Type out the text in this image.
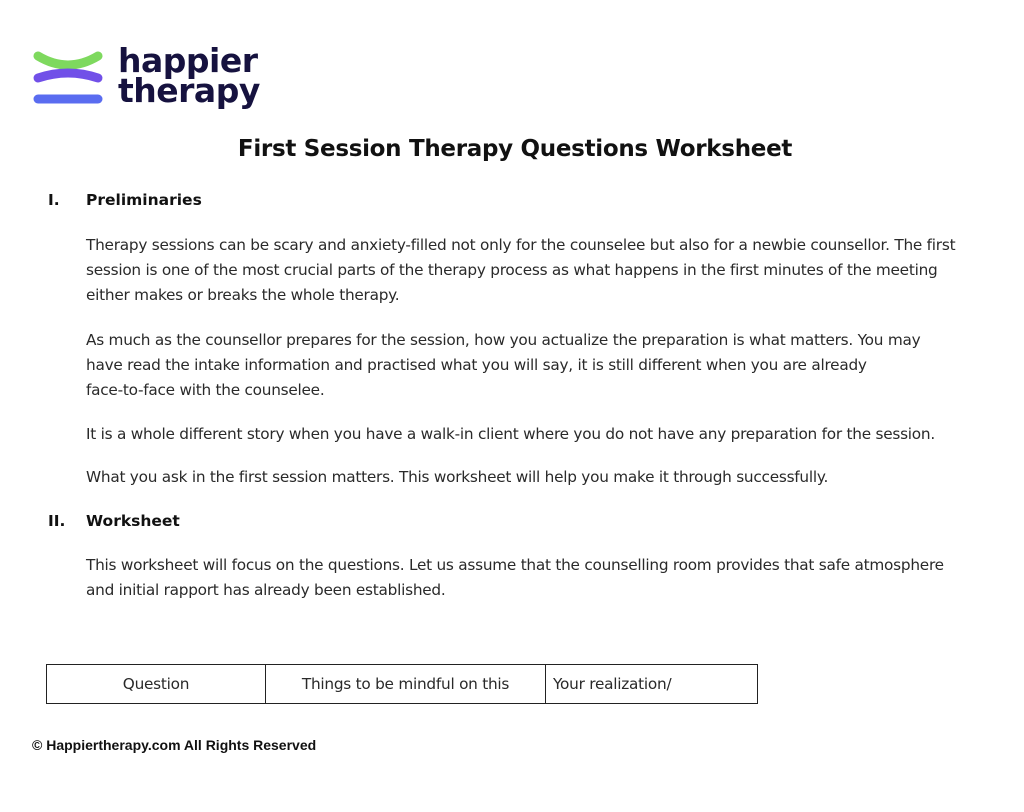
happier
therapy
First Session Therapy Questions Worksheet
I.	Preliminaries
Therapy sessions can be scary and anxiety-filled not only for the counselee but also for a newbie counsellor. The first
session is one of the most crucial parts of the therapy process as what happens in the first minutes of the meeting
either makes or breaks the whole therapy.
As much as the counsellor prepares for the session, how you actualize the preparation is what matters. You may
have read the intake information and practised what you will say, it is still different when you are already
face-to-face with the counselee.
It is a whole different story when you have a walk-in client where you do not have any preparation for the session.
What you ask in the first session matters. This worksheet will help you make it through successfully.
II.	Worksheet
This worksheet will focus on the questions. Let us assume that the counselling room provides that safe atmosphere
and initial rapport has already been established.
Question	Things to be mindful on this	Your realization/
© Happiertherapy.com All Rights Reserved
